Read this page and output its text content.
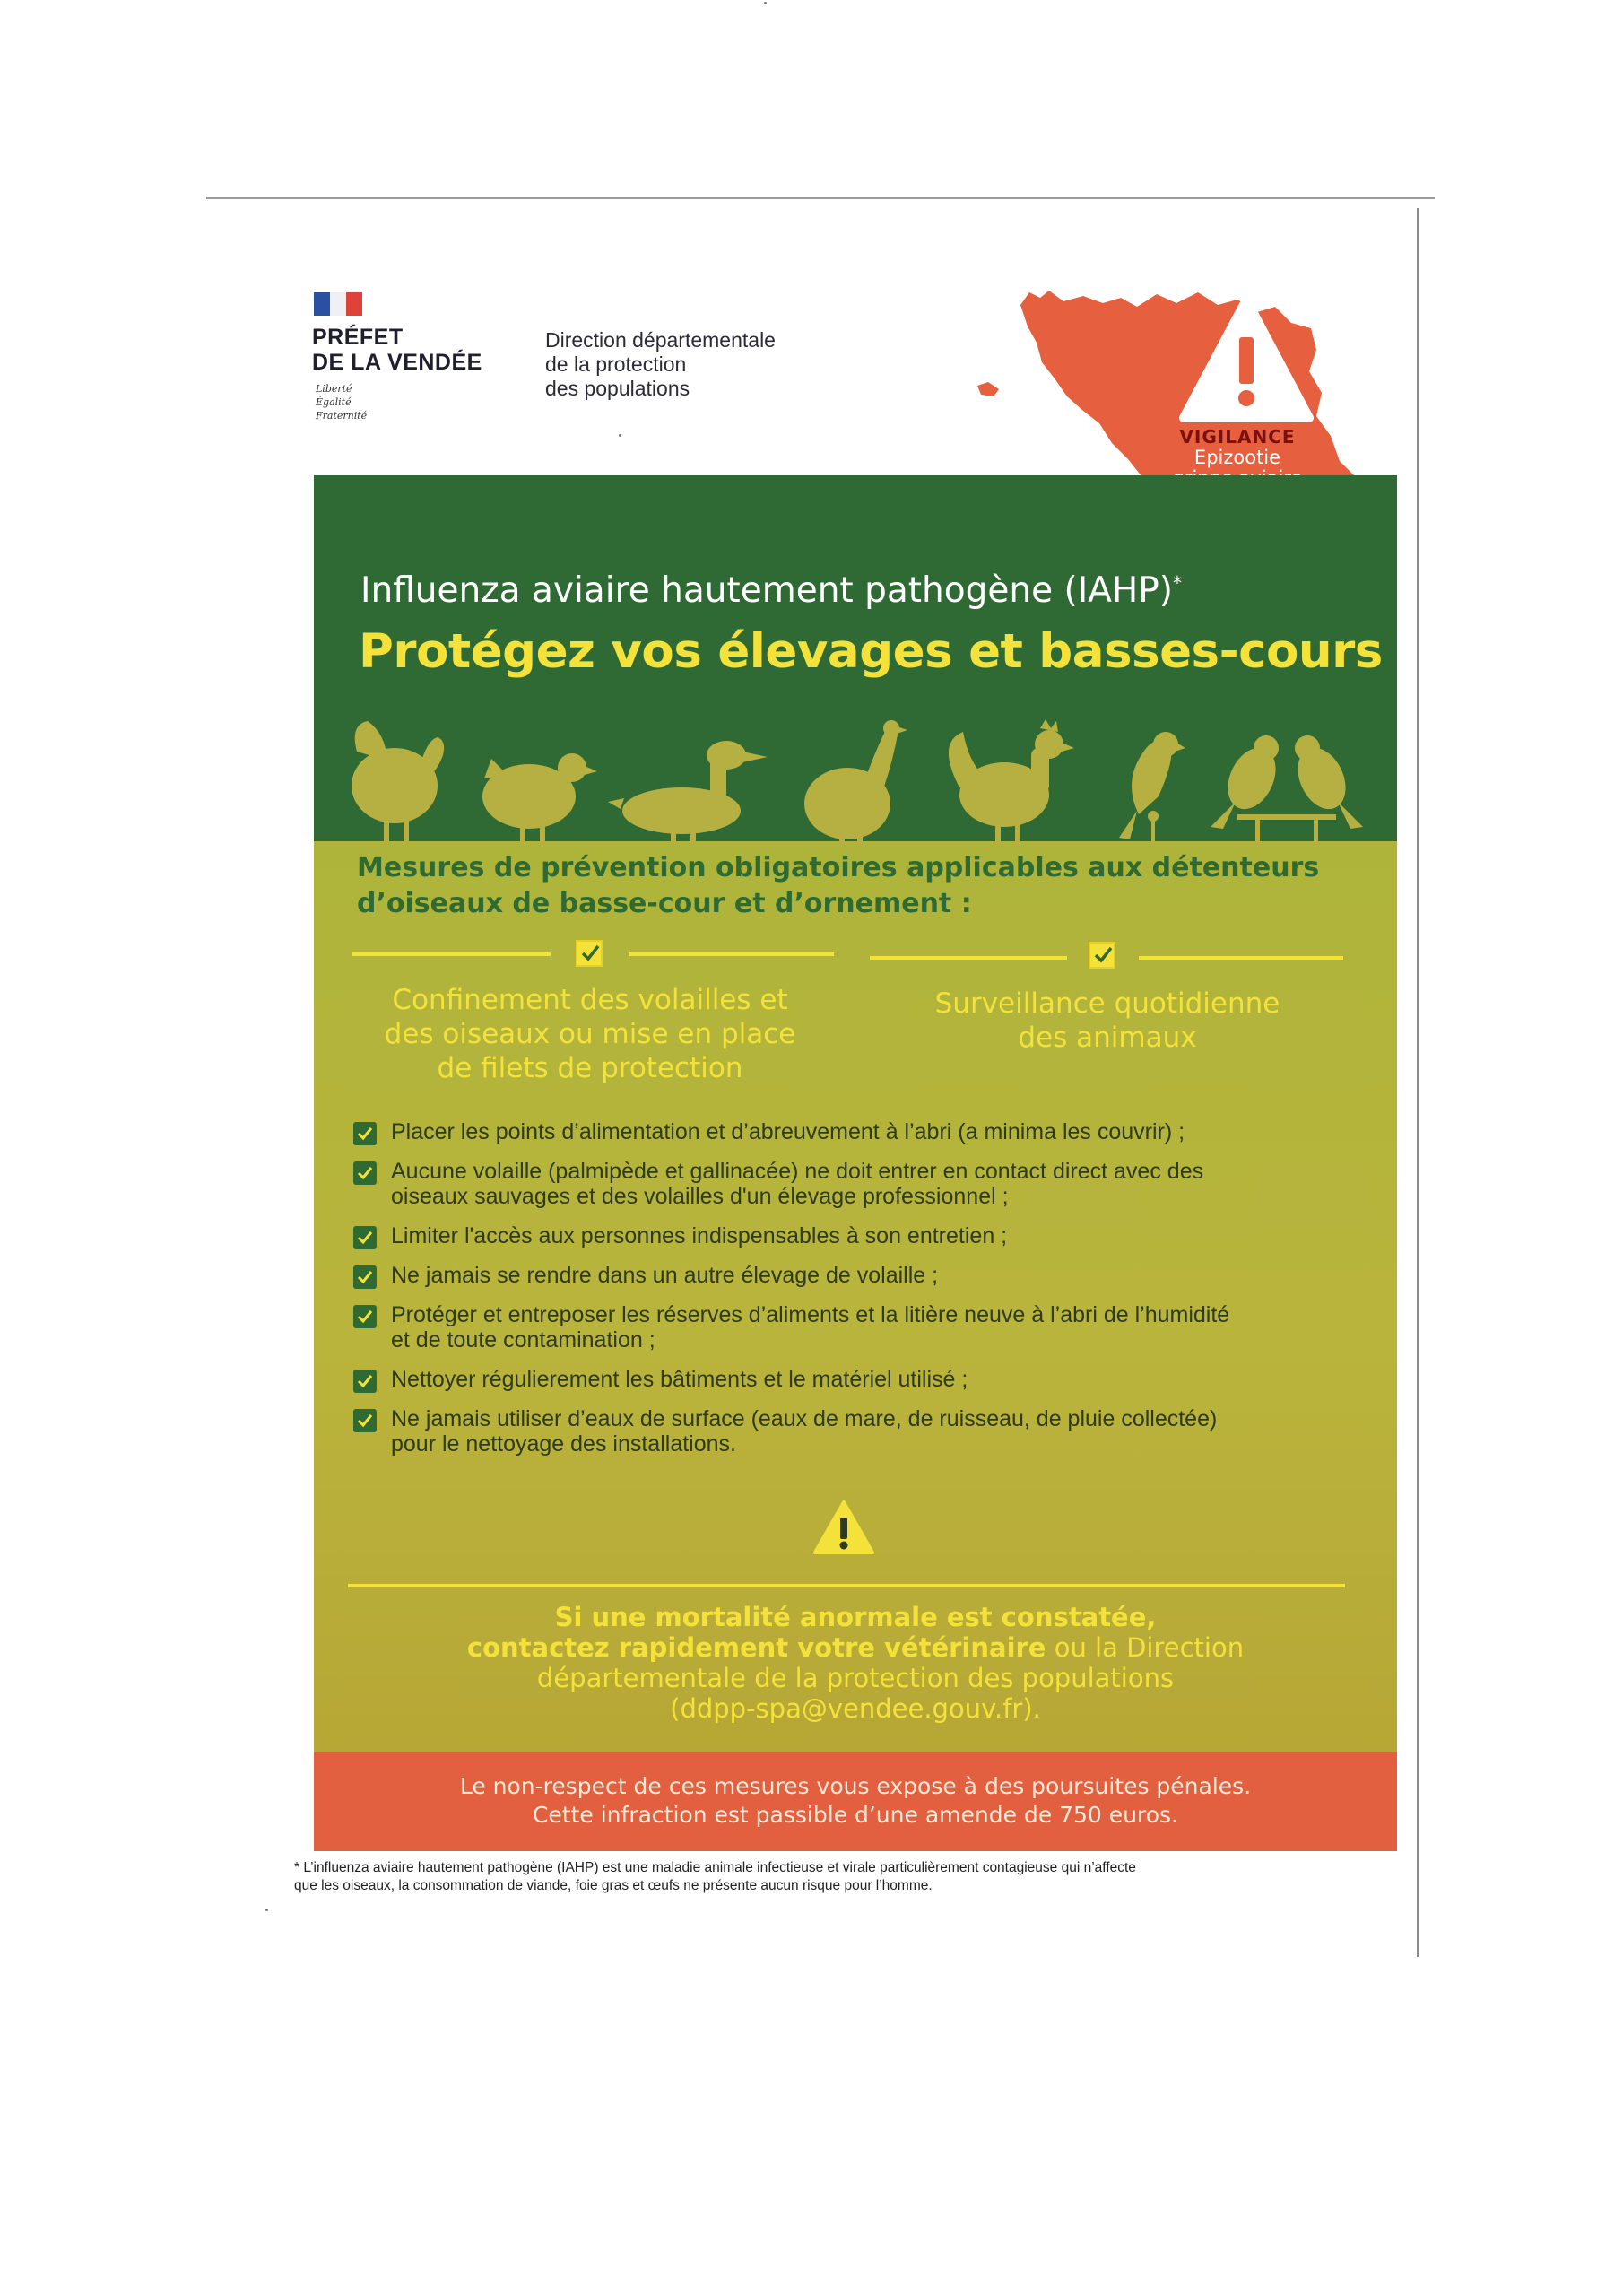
PRÉFET
DE LA VENDÉE
Liberté
Égalité
Fraternité
Direction départementale
de la protection
des populations
VIGILANCE
Epizootie
Influenza aviaire hautement pathogène (IAHP)*
Protégez vos élevages et basses-cours
Mesures de prévention obligatoires applicables aux détenteurs
d’oiseaux de basse-cour et d’ornement :
Confinement des volailles et
des oiseaux ou mise en place
de filets de protection
Surveillance quotidienne
des animaux
Placer les points d’alimentation et d’abreuvement à l’abri (a minima les couvrir) ;
Aucune volaille (palmipède et gallinacée) ne doit entrer en contact direct avec des
oiseaux sauvages et des volailles d'un élevage professionnel ;
Limiter l'accès aux personnes indispensables à son entretien ;
Ne jamais se rendre dans un autre élevage de volaille ;
Protéger et entreposer les réserves d’aliments et la litière neuve à l’abri de l’humidité
et de toute contamination ;
Nettoyer régulierement les bâtiments et le matériel utilisé ;
Ne jamais utiliser d’eaux de surface (eaux de mare, de ruisseau, de pluie collectée)
pour le nettoyage des installations.
Si une mortalité anormale est constatée,
contactez rapidement votre vétérinaire ou la Direction
départementale de la protection des populations
(ddpp-spa@vendee.gouv.fr).
Le non-respect de ces mesures vous expose à des poursuites pénales.
Cette infraction est passible d’une amende de 750 euros.
* L’influenza aviaire hautement pathogène (IAHP) est une maladie animale infectieuse et virale particulièrement contagieuse qui n’affecte
que les oiseaux, la consommation de viande, foie gras et œufs ne présente aucun risque pour l’homme.
